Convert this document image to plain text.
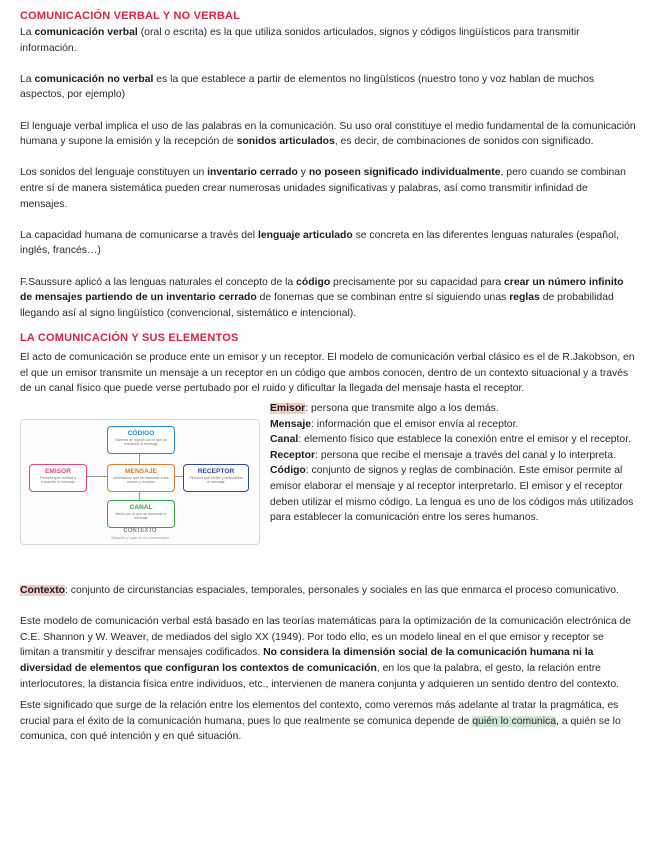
COMUNICACIÓN VERBAL Y NO VERBAL

La comunicación verbal (oral o escrita) es la que utiliza sonidos articulados, signos y códigos lingüísticos para transmitir información.

La comunicación no verbal es la que establece a partir de elementos no lingüísticos (nuestro tono y voz hablan de muchos aspectos, por ejemplo)

El lenguaje verbal implica el uso de las palabras en la comunicación. Su uso oral constituye el medio fundamental de la comunicación humana y supone la emisión y la recepción de sonidos articulados, es decir, de combinaciones de sonidos con significado.

Los sonidos del lenguaje constituyen un inventario cerrado y no poseen significado individualmente, pero cuando se combinan entre sí de manera sistemática pueden crear numerosas unidades significativas y palabras, así como transmitir infinidad de mensajes.

La capacidad humana de comunicarse a través del lenguaje articulado se concreta en las diferentes lenguas naturales (español, inglés, francés…)

F.Saussure aplicó a las lenguas naturales el concepto de la código precisamente por su capacidad para crear un número infinito de mensajes partiendo de un inventario cerrado de fonemas que se combinan entre sí siguiendo unas reglas de probabilidad llegando así al signo lingüístico (convencional, sistemático e intencional).

LA COMUNICACIÓN Y SUS ELEMENTOS

El acto de comunicación se produce ente un emisor y un receptor. El modelo de comunicación verbal clásico es el de R.Jakobson, en el que un emisor transmite un mensaje a un receptor en un código que ambos conocen, dentro de un contexto situacional y a través de un canal físico que puede verse pertubado por el ruido y dificultar la llegada del mensaje hasta el receptor.

CÓDIGO
Sistema de signos con el que se transmite el mensaje
EMISOR
Persona que codifica y transmite el mensaje
MENSAJE
Información que se transmite entre emisor y receptor
RECEPTOR
Persona que recibe y descodifica el mensaje
CANAL
Medio por el que se transmite el mensaje
CONTEXTO
Situación y lugar de la comunicación

Emisor: persona que transmite algo a los demás.

Mensaje: información que el emisor envía al receptor.

Canal: elemento físico que establece la conexión entre el emisor y el receptor.

Receptor: persona que recibe el mensaje a través del canal y lo interpreta.

Código: conjunto de signos y reglas de combinación. Este emisor permite al emisor elaborar el mensaje y al receptor interpretarlo. El emisor y el receptor deben utilizar el mismo código. La lengua es uno de los códigos más utilizados para establecer la comunicación entre los seres humanos.

Contexto: conjunto de circunstancias espaciales, temporales, personales y sociales en las que enmarca el proceso comunicativo.

Este modelo de comunicación verbal está basado en las teorías matemáticas para la optimización de la comunicación electrónica de C.E. Shannon y W. Weaver, de mediados del siglo XX (1949). Por todo ello, es un modelo lineal en el que emisor y receptor se limitan a transmitir y descifrar mensajes codificados. No considera la dimensión social de la comunicación humana ni la diversidad de elementos que configuran los contextos de comunicación, en los que la palabra, el gesto, la relación entre interlocutores, la distancia física entre individuos, etc., intervienen de manera conjunta y adquieren un sentido dentro del contexto.

Este significado que surge de la relación entre los elementos del contexto, como veremos más adelante al tratar la pragmática, es crucial para el éxito de la comunicación humana, pues lo que realmente se comunica depende de quién lo comunica, a quién se lo comunica, con qué intención y en qué situación.
